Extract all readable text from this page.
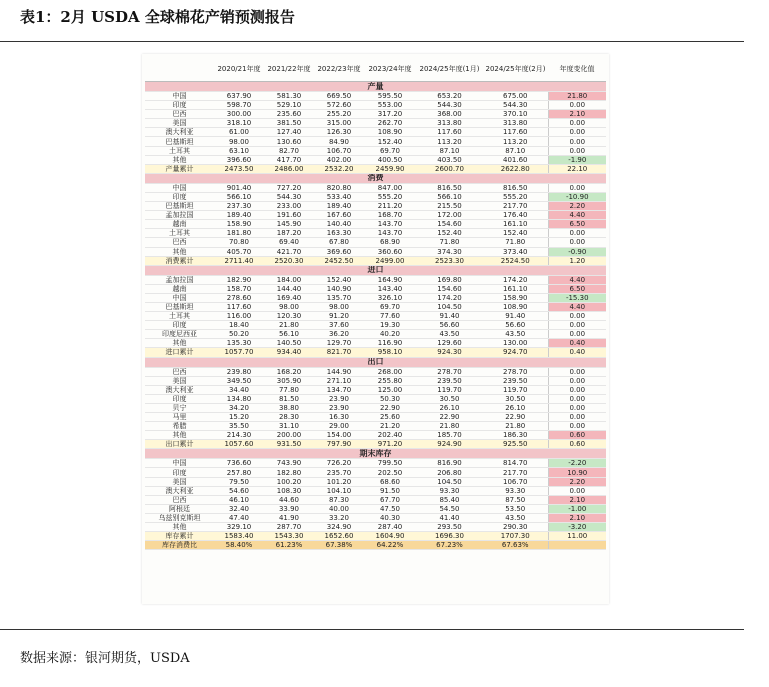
表1：2月 USDA 全球棉花产销预测报告
	2020/21年度	2021/22年度	2022/23年度	2023/24年度	2024/25年度(1月)	2024/25年度(2月)	年度变化值
产量							
中国	637.90	581.30	669.50	595.50	653.20	675.00	21.80
印度	598.70	529.10	572.60	553.00	544.30	544.30	0.00
巴西	300.00	235.60	255.20	317.20	368.00	370.10	2.10
美国	318.10	381.50	315.00	262.70	313.80	313.80	0.00
澳大利亚	61.00	127.40	126.30	108.90	117.60	117.60	0.00
巴基斯坦	98.00	130.60	84.90	152.40	113.20	113.20	0.00
土耳其	63.10	82.70	106.70	69.70	87.10	87.10	0.00
其他	396.60	417.70	402.00	400.50	403.50	401.60	-1.90
产量累计	2473.50	2486.00	2532.20	2459.90	2600.70	2622.80	22.10
消费							
中国	901.40	727.20	820.80	847.00	816.50	816.50	0.00
印度	566.10	544.30	533.40	555.20	566.10	555.20	-10.90
巴基斯坦	237.30	233.00	189.40	211.20	215.50	217.70	2.20
孟加拉国	189.40	191.60	167.60	168.70	172.00	176.40	4.40
越南	158.90	145.90	140.40	143.70	154.60	161.10	6.50
土耳其	181.80	187.20	163.30	143.70	152.40	152.40	0.00
巴西	70.80	69.40	67.80	68.90	71.80	71.80	0.00
其他	405.70	421.70	369.60	360.60	374.30	373.40	-0.90
消费累计	2711.40	2520.30	2452.50	2499.00	2523.30	2524.50	1.20
进口							
孟加拉国	182.90	184.00	152.40	164.90	169.80	174.20	4.40
越南	158.70	144.40	140.90	143.40	154.60	161.10	6.50
中国	278.60	169.40	135.70	326.10	174.20	158.90	-15.30
巴基斯坦	117.60	98.00	98.00	69.70	104.50	108.90	4.40
土耳其	116.00	120.30	91.20	77.60	91.40	91.40	0.00
印度	18.40	21.80	37.60	19.30	56.60	56.60	0.00
印度尼西亚	50.20	56.10	36.20	40.20	43.50	43.50	0.00
其他	135.30	140.50	129.70	116.90	129.60	130.00	0.40
进口累计	1057.70	934.40	821.70	958.10	924.30	924.70	0.40
出口							
巴西	239.80	168.20	144.90	268.00	278.70	278.70	0.00
美国	349.50	305.90	271.10	255.80	239.50	239.50	0.00
澳大利亚	34.40	77.80	134.70	125.00	119.70	119.70	0.00
印度	134.80	81.50	23.90	50.30	30.50	30.50	0.00
贝宁	34.20	38.80	23.90	22.90	26.10	26.10	0.00
马里	15.20	28.30	16.30	25.60	22.90	22.90	0.00
希腊	35.50	31.10	29.00	21.20	21.80	21.80	0.00
其他	214.30	200.00	154.00	202.40	185.70	186.30	0.60
出口累计	1057.60	931.50	797.90	971.20	924.90	925.50	0.60
期末库存							
中国	736.60	743.90	726.20	799.50	816.90	814.70	-2.20
印度	257.80	182.80	235.70	202.50	206.80	217.70	10.90
美国	79.50	100.20	101.20	68.60	104.50	106.70	2.20
澳大利亚	54.60	108.30	104.10	91.50	93.30	93.30	0.00
巴西	46.10	44.60	87.30	67.70	85.40	87.50	2.10
阿根廷	32.40	33.90	40.00	47.50	54.50	53.50	-1.00
乌兹别克斯坦	47.40	41.90	33.20	40.30	41.40	43.50	2.10
其他	329.10	287.70	324.90	287.40	293.50	290.30	-3.20
库存累计	1583.40	1543.30	1652.60	1604.90	1696.30	1707.30	11.00
库存消费比	58.40%	61.23%	67.38%	64.22%	67.23%	67.63%	
数据来源：银河期货，USDA
